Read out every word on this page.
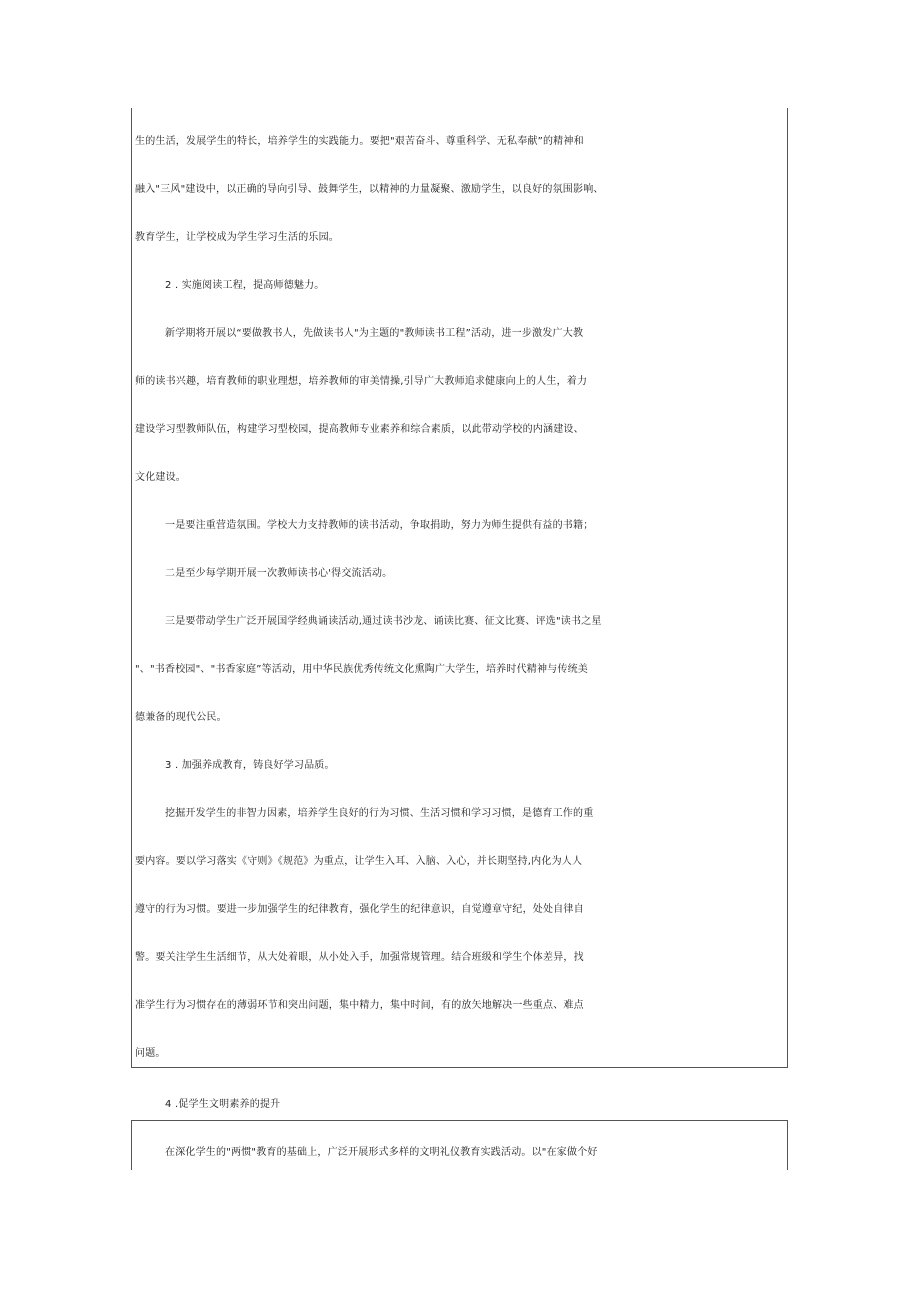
生的生活，发展学生的特长，培养学生的实践能力。要把"艰苦奋斗、尊重科学、无私奉献”的精神和
融入"三风"建设中，以正确的导向引导、鼓舞学生，以精神的力量凝聚、激励学生，以良好的氛围影响、
教育学生，让学校成为学生学习生活的乐园。
2 . 实施阅读工程，提高师德魅力。
新学期将开展以“要做教书人，先做读书人"为主题的"教师读书工程”活动，进一步激发广大教
师的读书兴趣，培育教师的职业理想，培养教师的审美情操,引导广大教师追求健康向上的人生，着力
建设学习型教师队伍，构建学习型校园，提高教师专业素养和综合素质，以此带动学校的内涵建设、
文化建设。
一是要注重营造氛围。学校大力支持教师的读书活动，争取捐助，努力为师生提供有益的书籍；
二是至少每学期开展一次教师读书心'得交流活动。
三是要带动学生广泛开展国学经典诵读活动,通过读书沙龙、诵读比赛、征文比赛、评选"读书之星
"、"书香校园"、"书香家庭”等活动，用中华民族优秀传统文化熏陶广大学生，培养时代精神与传统美
德兼备的现代公民。
3 . 加强养成教育，铸良好学习品质。
挖掘开发学生的非智力因素，培养学生良好的行为习惯、生活习惯和学习习惯，是德育工作的重
要内容。要以学习落实《守则》《规范》为重点，让学生入耳、入脑、入心，并长期坚持,内化为人人
遵守的行为习惯。要进一步加强学生的纪律教育，强化学生的纪律意识，自觉遵章守纪，处处自律自
警。要关注学生生活细节，从大处着眼，从小处入手，加强常规管理。结合班级和学生个体差异，找
准学生行为习惯存在的薄弱环节和突出问题，集中精力，集中时间，有的放矢地解决一些重点、难点
问题。
4 .促学生文明素养的提升
在深化学生的"两惯"教育的基础上，广泛开展形式多样的文明礼仪教育实践活动。以"在家做个好
